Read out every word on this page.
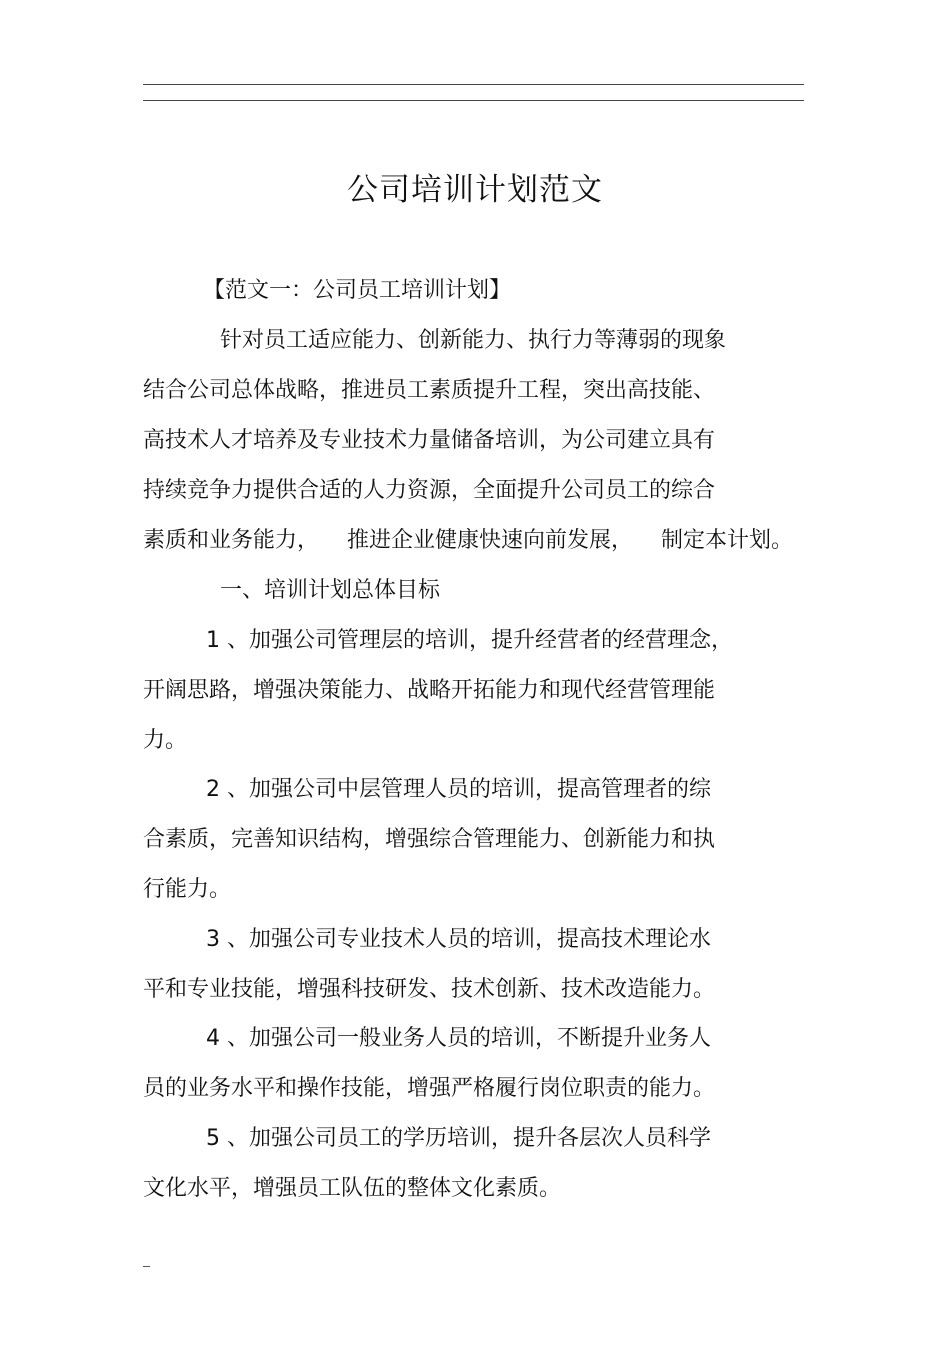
公司培训计划范文
【范文一：公司员工培训计划】
针对员工适应能力、创新能力、执行力等薄弱的现象
结合公司总体战略，推进员工素质提升工程，突出高技能、
高技术人才培养及专业技术力量储备培训，为公司建立具有
持续竞争力提供合适的人力资源，全面提升公司员工的综合
素质和业务能力，    推进企业健康快速向前发展，    制定本计划。
一、培训计划总体目标
1 、加强公司管理层的培训，提升经营者的经营理念，
开阔思路，增强决策能力、战略开拓能力和现代经营管理能
力。
2 、加强公司中层管理人员的培训，提高管理者的综
合素质，完善知识结构，增强综合管理能力、创新能力和执
行能力。
3 、加强公司专业技术人员的培训，提高技术理论水
平和专业技能，增强科技研发、技术创新、技术改造能力。
4 、加强公司一般业务人员的培训，不断提升业务人
员的业务水平和操作技能，增强严格履行岗位职责的能力。
5 、加强公司员工的学历培训，提升各层次人员科学
文化水平，增强员工队伍的整体文化素质。
